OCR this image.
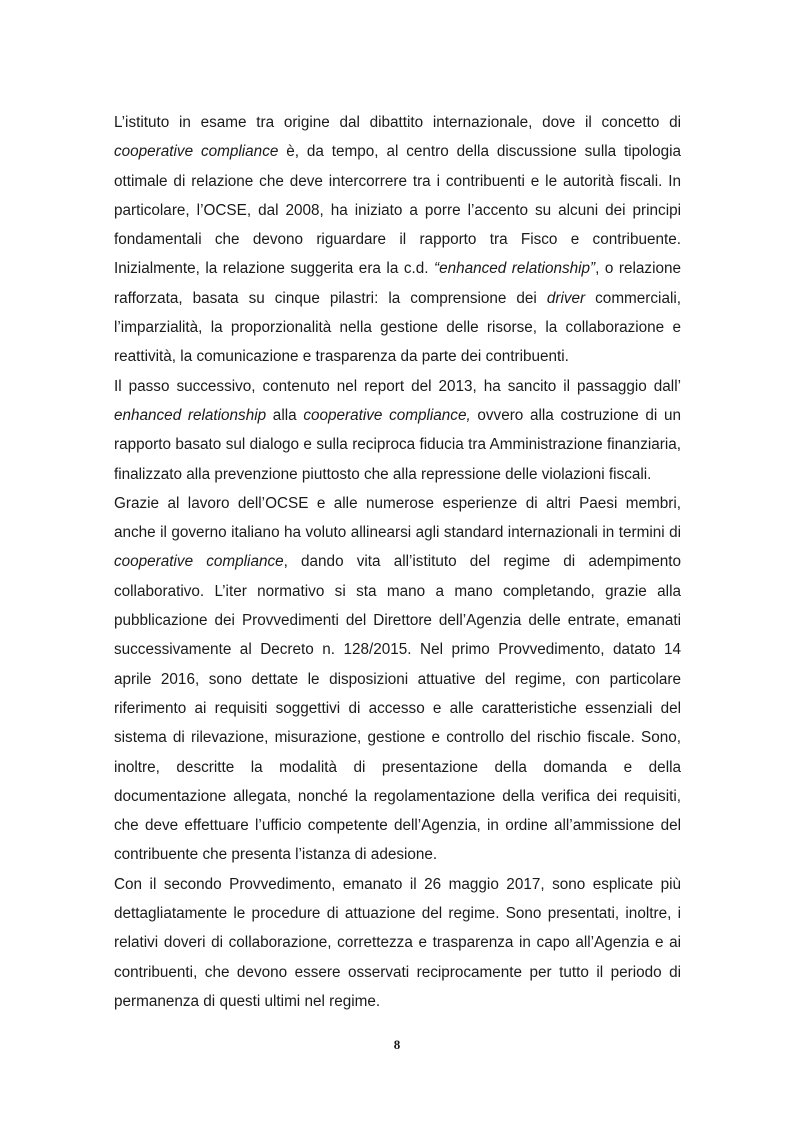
L’istituto in esame tra origine dal dibattito internazionale, dove il concetto di cooperative compliance è, da tempo, al centro della discussione sulla tipologia ottimale di relazione che deve intercorrere tra i contribuenti e le autorità fiscali. In particolare, l’OCSE, dal 2008, ha iniziato a porre l’accento su alcuni dei principi fondamentali che devono riguardare il rapporto tra Fisco e contribuente. Inizialmente, la relazione suggerita era la c.d. “enhanced relationship”, o relazione rafforzata, basata su cinque pilastri: la comprensione dei driver commerciali, l’imparzialità, la proporzionalità nella gestione delle risorse, la collaborazione e reattività, la comunicazione e trasparenza da parte dei contribuenti.

Il passo successivo, contenuto nel report del 2013, ha sancito il passaggio dall’ enhanced relationship alla cooperative compliance, ovvero alla costruzione di un rapporto basato sul dialogo e sulla reciproca fiducia tra Amministrazione finanziaria, finalizzato alla prevenzione piuttosto che alla repressione delle violazioni fiscali.

Grazie al lavoro dell’OCSE e alle numerose esperienze di altri Paesi membri, anche il governo italiano ha voluto allinearsi agli standard internazionali in termini di cooperative compliance, dando vita all’istituto del regime di adempimento collaborativo. L’iter normativo si sta mano a mano completando, grazie alla pubblicazione dei Provvedimenti del Direttore dell’Agenzia delle entrate, emanati successivamente al Decreto n. 128/2015. Nel primo Provvedimento, datato 14 aprile 2016, sono dettate le disposizioni attuative del regime, con particolare riferimento ai requisiti soggettivi di accesso e alle caratteristiche essenziali del sistema di rilevazione, misurazione, gestione e controllo del rischio fiscale. Sono, inoltre, descritte la modalità di presentazione della domanda e della documentazione allegata, nonché la regolamentazione della verifica dei requisiti, che deve effettuare l’ufficio competente dell’Agenzia, in ordine all’ammissione del contribuente che presenta l’istanza di adesione.

Con il secondo Provvedimento, emanato il 26 maggio 2017, sono esplicate più dettagliatamente le procedure di attuazione del regime. Sono presentati, inoltre, i relativi doveri di collaborazione, correttezza e trasparenza in capo all’Agenzia e ai contribuenti, che devono essere osservati reciprocamente per tutto il periodo di permanenza di questi ultimi nel regime.

8
